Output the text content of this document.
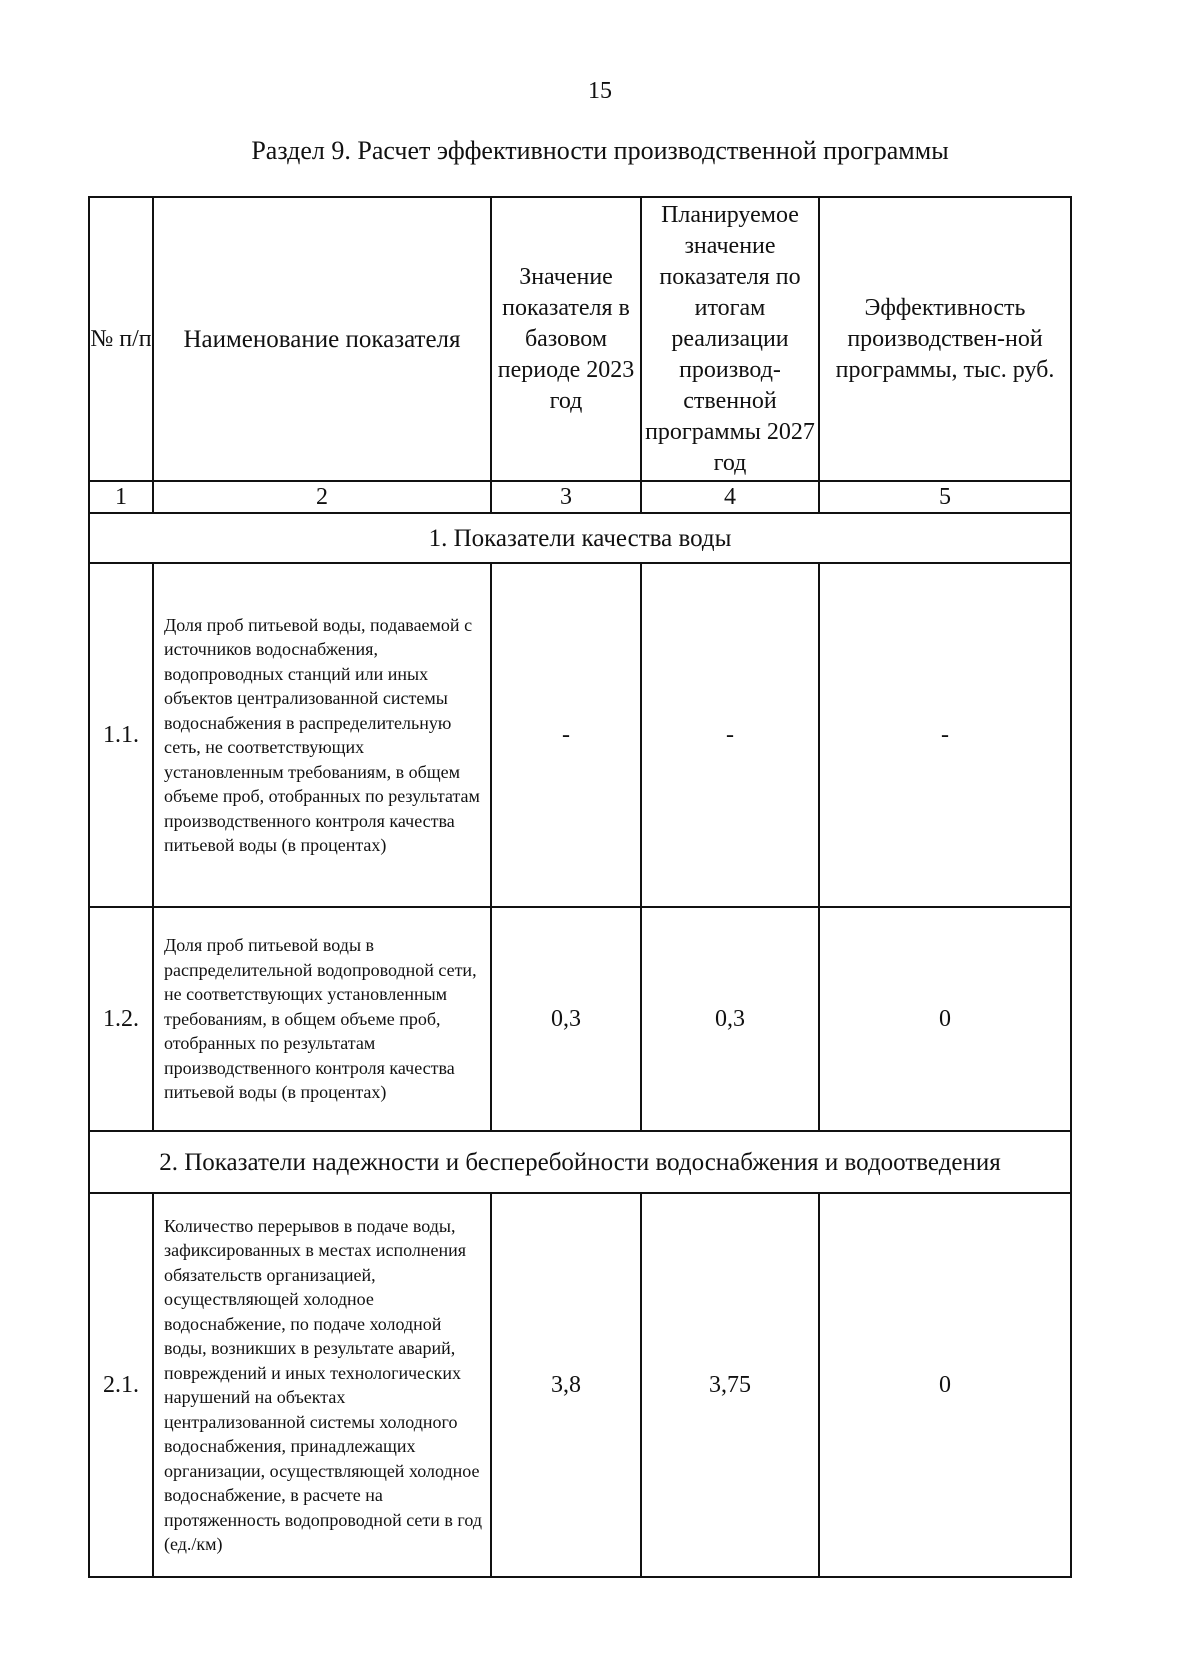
15
Раздел 9. Расчет эффективности производственной программы
№ п/п	Наименование показателя	Значение показателя в базовом периоде 2023 год	Планируемое значение показателя по итогам реализации производ-ственной программы 2027 год	Эффективность производствен-ной программы, тыс. руб.
1	2	3	4	5
1. Показатели качества воды				
1.1.	Доля проб питьевой воды, подаваемой с источников водоснабжения, водопроводных станций или иных объектов централизованной системы водоснабжения в распределительную сеть, не соответствующих установленным требованиям, в общем объеме проб, отобранных по результатам производственного контроля качества питьевой воды (в процентах)	-	-	-
1.2.	Доля проб питьевой воды в распределительной водопроводной сети, не соответствующих установленным требованиям, в общем объеме проб, отобранных по результатам производственного контроля качества питьевой воды (в процентах)	0,3	0,3	0
2. Показатели надежности и бесперебойности водоснабжения и водоотведения				
2.1.	Количество перерывов в подаче воды, зафиксированных в местах исполнения обязательств организацией, осуществляющей холодное водоснабжение, по подаче холодной воды, возникших в результате аварий, повреждений и иных технологических нарушений на объектах централизованной системы холодного водоснабжения, принадлежащих организации, осуществляющей холодное водоснабжение, в расчете на протяженность водопроводной сети в год (ед./км)	3,8	3,75	0
